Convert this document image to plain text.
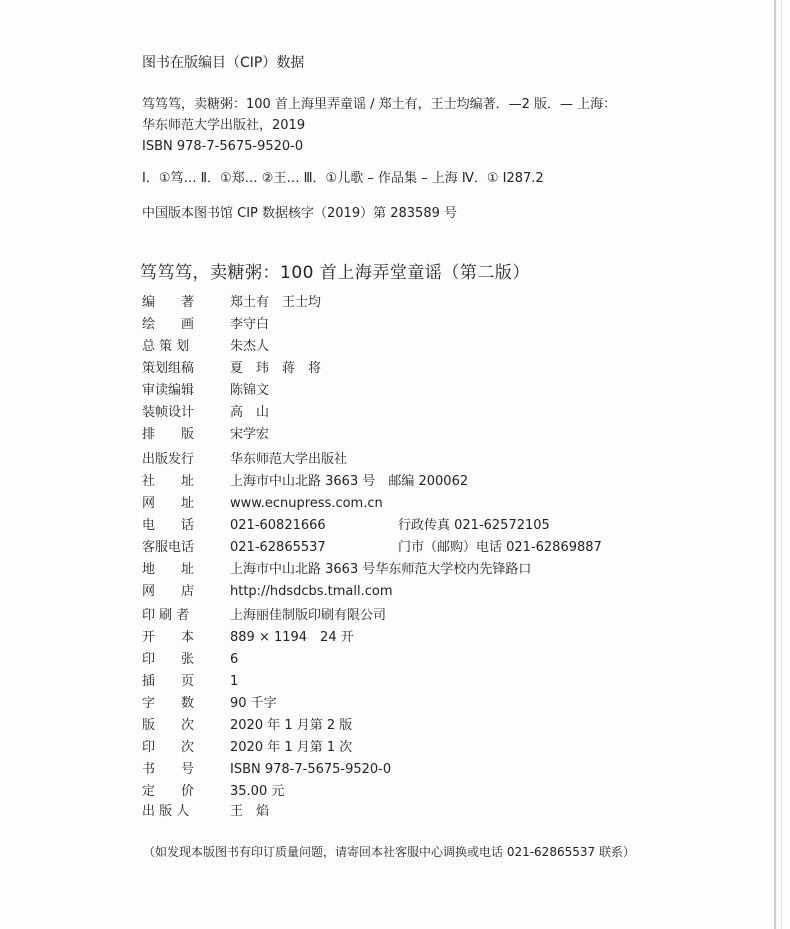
图书在版编目（CIP）数据
笃笃笃，卖糖粥：100 首上海里弄童谣 / 郑土有，王士均编著．—2 版．— 上海：
华东师范大学出版社，2019
ISBN 978-7-5675-9520-0
Ⅰ．①笃… Ⅱ．①郑… ②王… Ⅲ．①儿歌 – 作品集 – 上海 Ⅳ．① I287.2
中国版本图书馆 CIP 数据核字（2019）第 283589 号
笃笃笃，卖糖粥：100 首上海弄堂童谣（第二版）
编　　著	郑土有　王士均
绘　　画	李守白
总 策 划	朱杰人
策划组稿	夏　玮　蒋　将
审读编辑	陈锦文
装帧设计	高　山
排　　版	宋学宏
出版发行	华东师范大学出版社
社　　址	上海市中山北路 3663 号　邮编 200062
网　　址	www.ecnupress.com.cn
电　　话	021-60821666	行政传真 021-62572105
客服电话	021-62865537	门市（邮购）电话 021-62869887
地　　址	上海市中山北路 3663 号华东师范大学校内先锋路口
网　　店	http://hdsdcbs.tmall.com
印 刷 者	上海丽佳制版印刷有限公司
开　　本	889 × 1194　24 开
印　　张	6
插　　页	1
字　　数	90 千字
版　　次	2020 年 1 月第 2 版
印　　次	2020 年 1 月第 1 次
书　　号	ISBN 978-7-5675-9520-0
定　　价	35.00 元
出 版 人	王　焰
（如发现本版图书有印订质量问题，请寄回本社客服中心调换或电话 021-62865537 联系）
